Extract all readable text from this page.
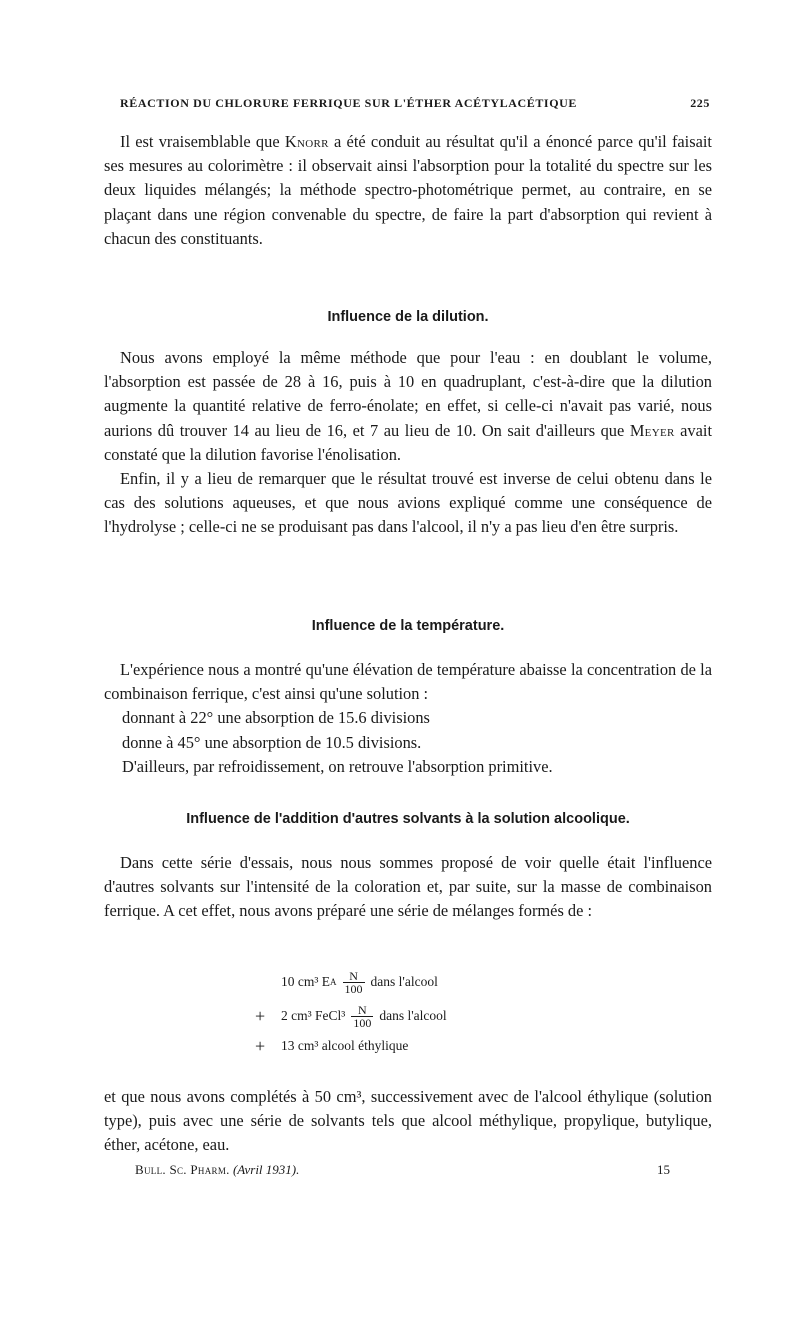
RÉACTION DU CHLORURE FERRIQUE SUR L'ÉTHER ACÉTYLACÉTIQUE	225

Il est vraisemblable que Knorr a été conduit au résultat qu'il a énoncé parce qu'il faisait ses mesures au colorimètre : il observait ainsi l'absorption pour la totalité du spectre sur les deux liquides mélangés; la méthode spectro-photométrique permet, au contraire, en se plaçant dans une région convenable du spectre, de faire la part d'absorption qui revient à chacun des constituants.

Influence de la dilution.

Nous avons employé la même méthode que pour l'eau : en doublant le volume, l'absorption est passée de 28 à 16, puis à 10 en quadruplant, c'est-à-dire que la dilution augmente la quantité relative de ferro-énolate; en effet, si celle-ci n'avait pas varié, nous aurions dû trouver 14 au lieu de 16, et 7 au lieu de 10. On sait d'ailleurs que Meyer avait constaté que la dilution favorise l'énolisation.

Enfin, il y a lieu de remarquer que le résultat trouvé est inverse de celui obtenu dans le cas des solutions aqueuses, et que nous avions expliqué comme une conséquence de l'hydrolyse ; celle-ci ne se produisant pas dans l'alcool, il n'y a pas lieu d'en être surpris.

Influence de la température.

L'expérience nous a montré qu'une élévation de température abaisse la concentration de la combinaison ferrique, c'est ainsi qu'une solution :

donnant à 22° une absorption de 15.6 divisions
donne à 45° une absorption de 10.5 divisions.
D'ailleurs, par refroidissement, on retrouve l'absorption primitive.
Influence de l'addition d'autres solvants à la solution alcoolique.

Dans cette série d'essais, nous nous sommes proposé de voir quelle était l'influence d'autres solvants sur l'intensité de la coloration et, par suite, sur la masse de combinaison ferrique. A cet effet, nous avons préparé une série de mélanges formés de :

10 cm³ E A $\frac{N}{100}$ dans l'alcool
+	2 cm³ FeCl³ $\frac{N}{100}$ dans l'alcool
+	13 cm³ alcool éthylique

et que nous avons complétés à 50 cm³, successivement avec de l'alcool éthylique (solution type), puis avec une série de solvants tels que alcool méthylique, propylique, butylique, éther, acétone, eau.

Bull. Sc. Pharm. (Avril 1931).	15
